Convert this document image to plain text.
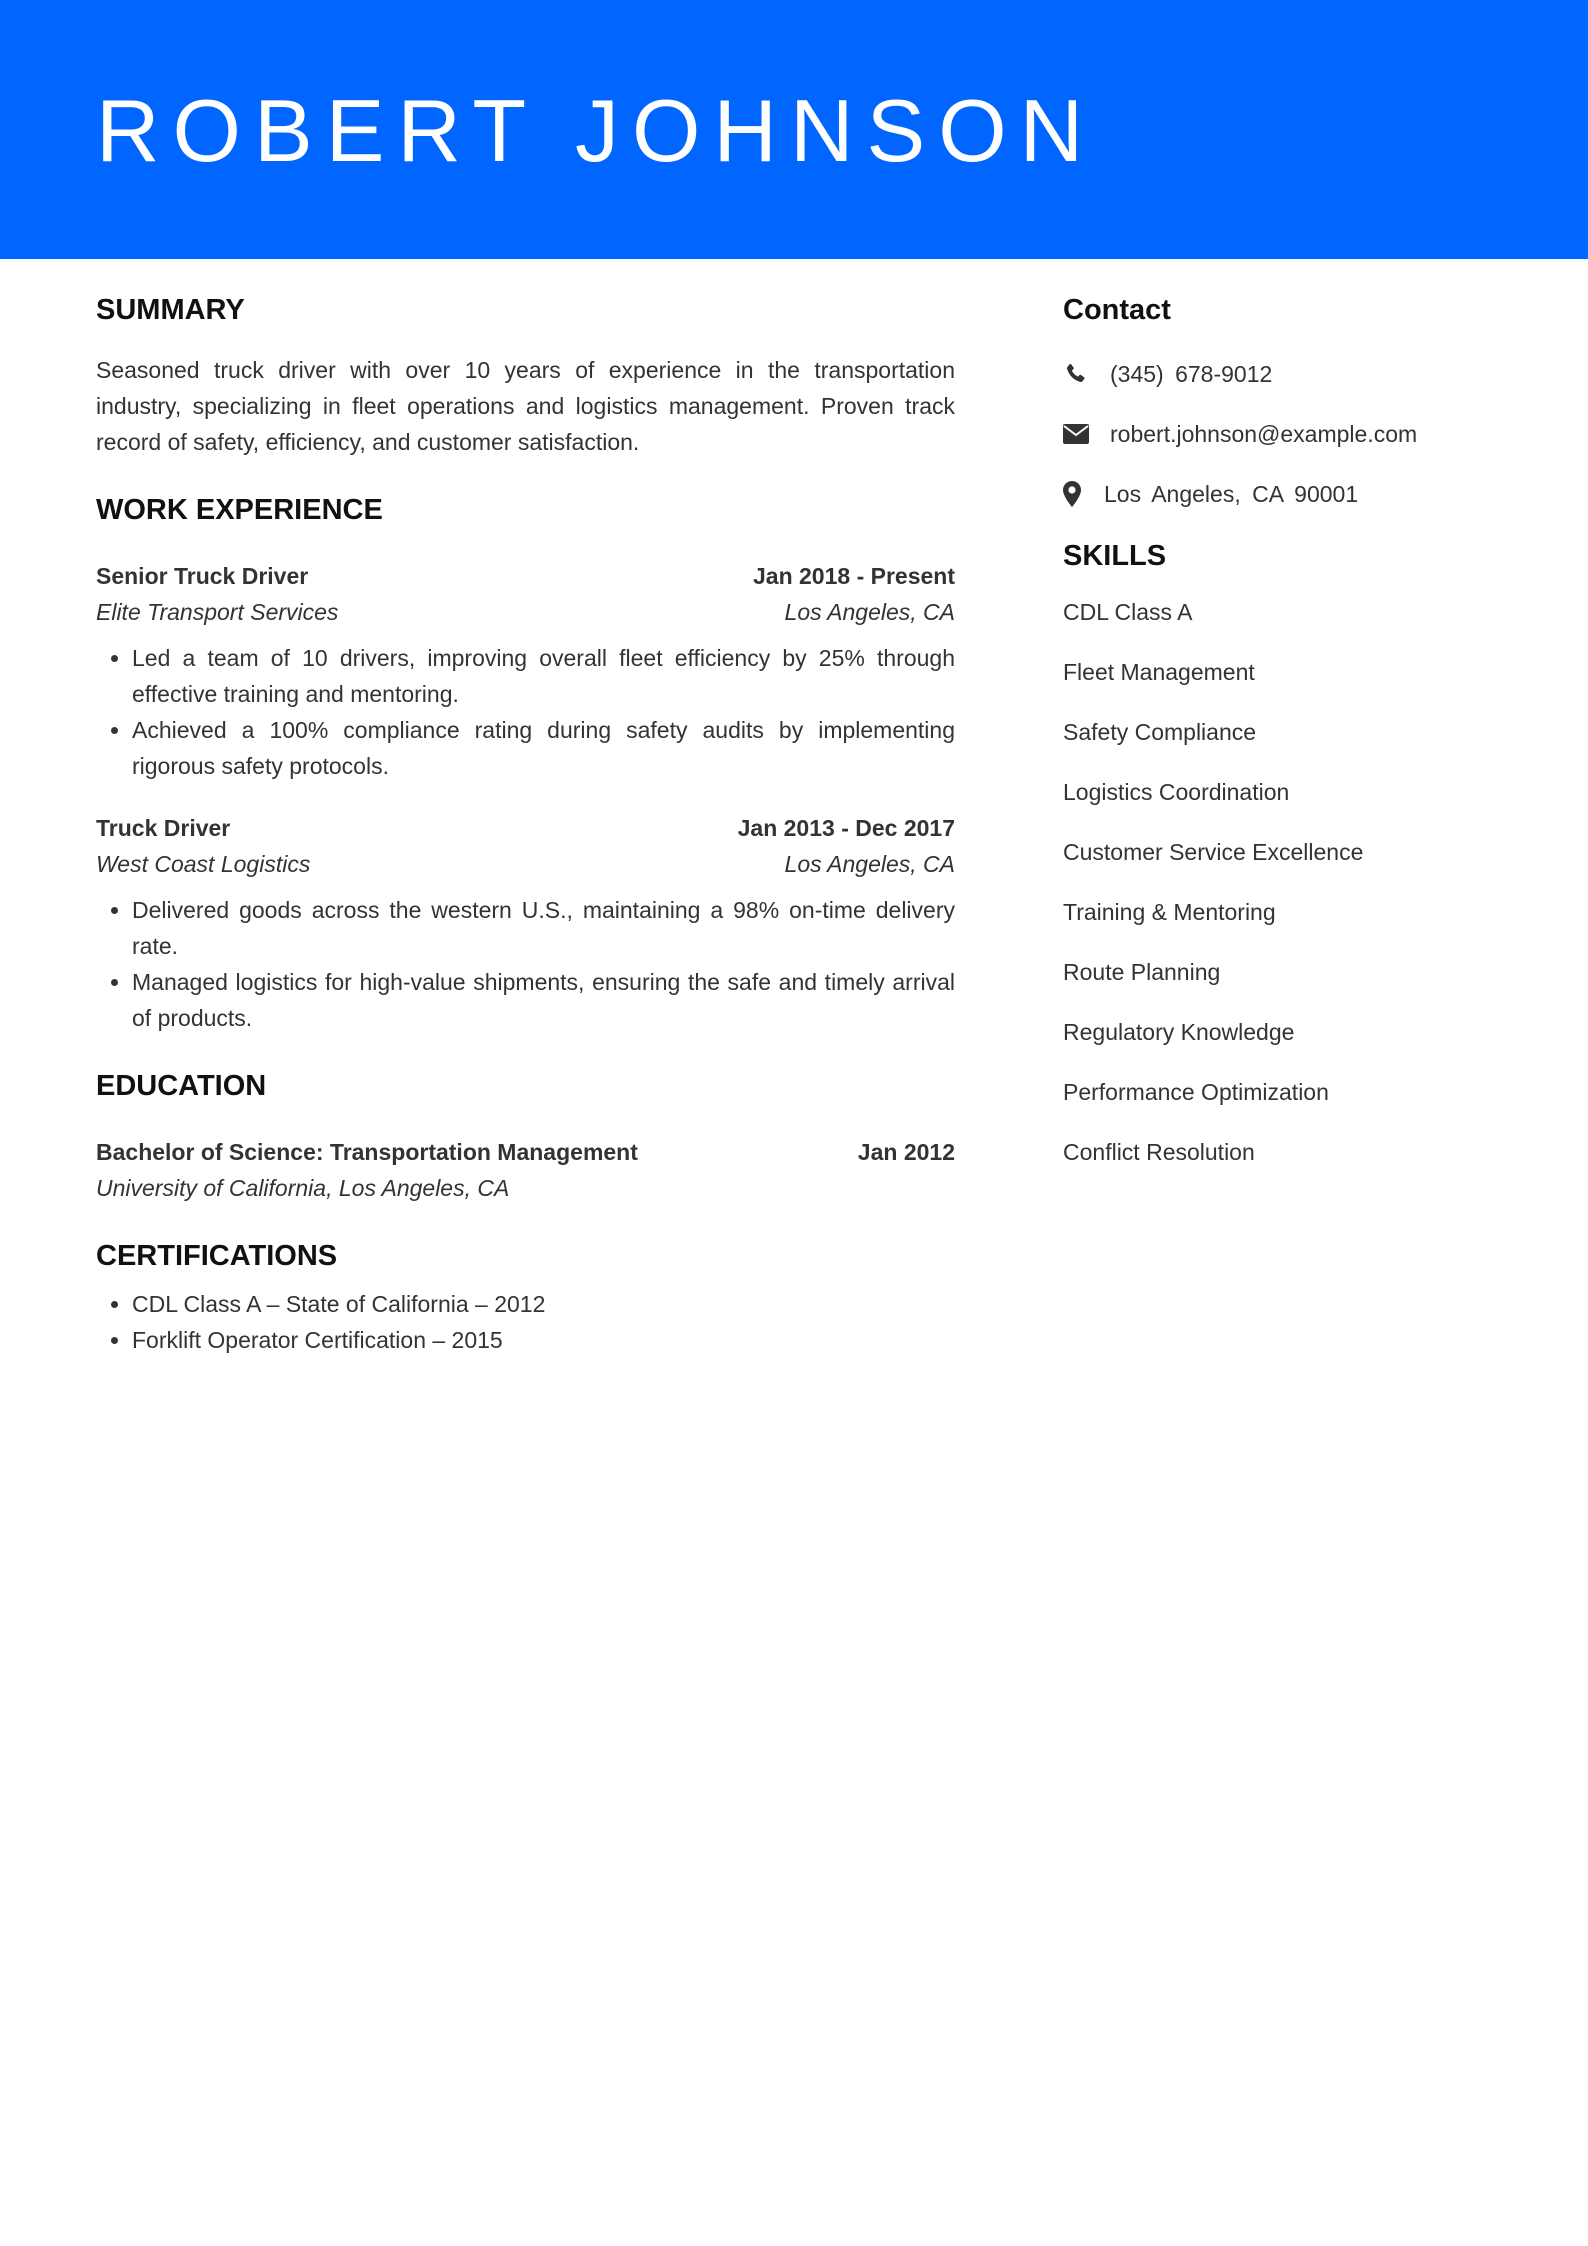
ROBERT JOHNSON
SUMMARY

Seasoned truck driver with over 10 years of experience in the transportation industry, specializing in fleet operations and logistics management. Proven track record of safety, efficiency, and customer satisfaction.

WORK EXPERIENCE
Senior Truck Driver	Jan 2018 - Present
Elite Transport Services	Los Angeles, CA
• Led a team of 10 drivers, improving overall fleet efficiency by 25% through effective training and mentoring.
• Achieved a 100% compliance rating during safety audits by implementing rigorous safety protocols.
Truck Driver	Jan 2013 - Dec 2017
West Coast Logistics	Los Angeles, CA
• Delivered goods across the western U.S., maintaining a 98% on-time delivery rate.
• Managed logistics for high-value shipments, ensuring the safe and timely arrival of products.
EDUCATION
Bachelor of Science: Transportation Management	Jan 2012
University of California, Los Angeles, CA
CERTIFICATIONS
• CDL Class A – State of California – 2012
• Forklift Operator Certification – 2015
Contact
(345) 678-9012
robert.johnson@example.com
Los Angeles, CA 90001
SKILLS
CDL Class A
Fleet Management
Safety Compliance
Logistics Coordination
Customer Service Excellence
Training & Mentoring
Route Planning
Regulatory Knowledge
Performance Optimization
Conflict Resolution
